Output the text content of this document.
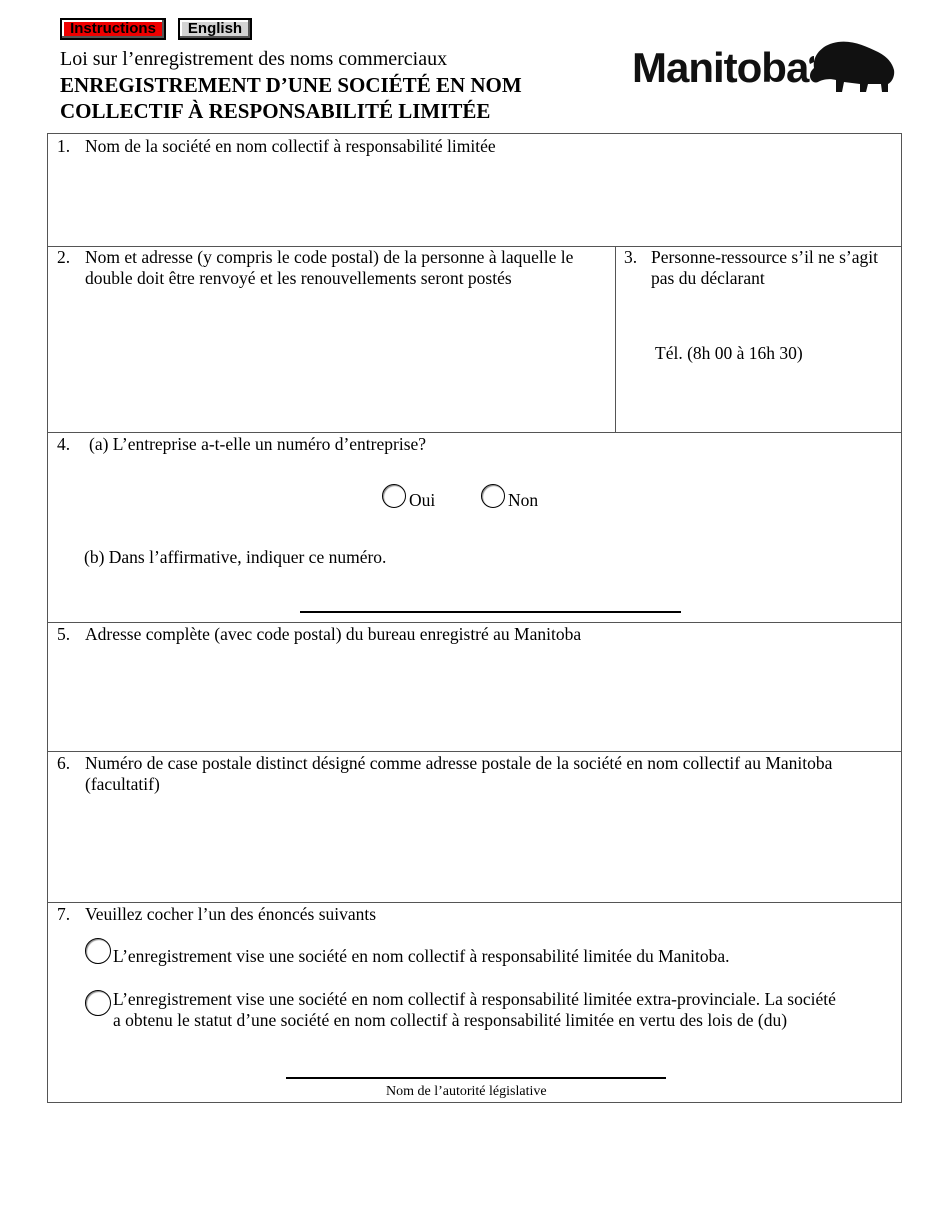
Instructions	English
Loi sur l’enregistrement des noms commerciaux
ENREGISTREMENT D’UNE SOCIÉTÉ EN NOM
COLLECTIF À RESPONSABILITÉ LIMITÉE
Manitoba
1. Nom de la société en nom collectif à responsabilité limitée
2. Nom et adresse (y compris le code postal) de la personne à laquelle le
double doit être renvoyé et les renouvellements seront postés
3. Personne-ressource s’il ne s’agit
pas du déclarant
Tél. (8h 00 à 16h 30)
4. (a) L’entreprise a-t-elle un numéro d’entreprise?
Oui	Non
(b) Dans l’affirmative, indiquer ce numéro.
5. Adresse complète (avec code postal) du bureau enregistré au Manitoba
6. Numéro de case postale distinct désigné comme adresse postale de la société en nom collectif au Manitoba
(facultatif)
7. Veuillez cocher l’un des énoncés suivants
L’enregistrement vise une société en nom collectif à responsabilité limitée du Manitoba.
L’enregistrement vise une société en nom collectif à responsabilité limitée extra-provinciale. La société
a obtenu le statut d’une société en nom collectif à responsabilité limitée en vertu des lois de (du)
Nom de l’autorité législative
